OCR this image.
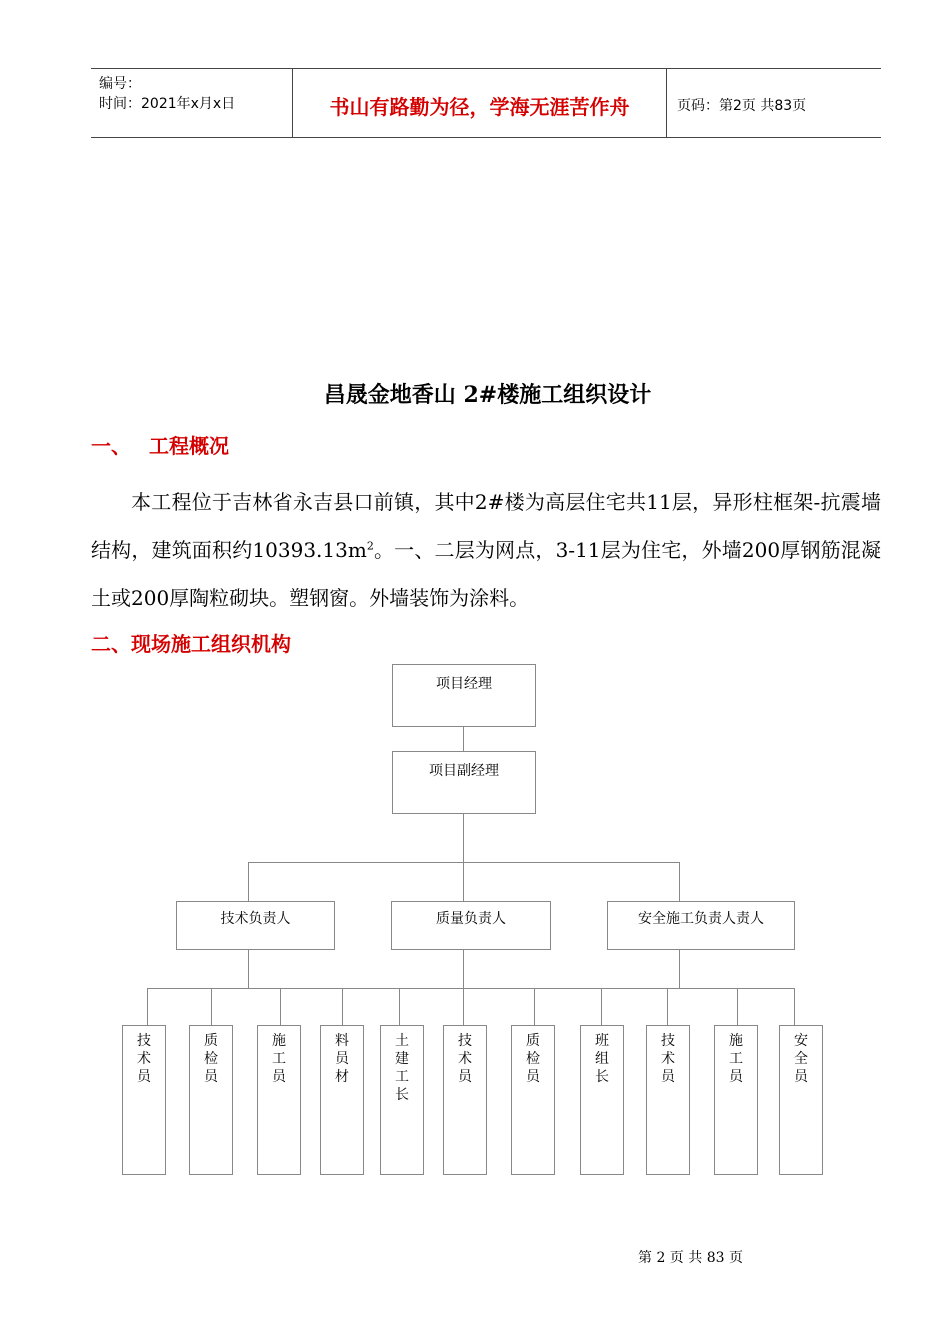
编号：
时间：2021年x月x日	书山有路勤为径，学海无涯苦作舟	页码：第2页 共83页
昌晟金地香山 2#楼施工组织设计
一、 工程概况
本工程位于吉林省永吉县口前镇，其中2#楼为高层住宅共11层，异形柱框架-抗震墙结构，建筑面积约$10393.13m^2$。一、二层为网点，3-11层为住宅，外墙200厚钢筋混凝土或200厚陶粒砌块。塑钢窗。外墙装饰为涂料。
二、现场施工组织机构
项目经理
项目副经理
技术负责人	质量负责人	安全施工负责人责人
技
术
员
质
检
员
施
工
员
料
员
材
土
建
工
长
技
术
员
质
检
员
班
组
长
技
术
员
施
工
员
安
全
员
第 2 页 共 83 页
